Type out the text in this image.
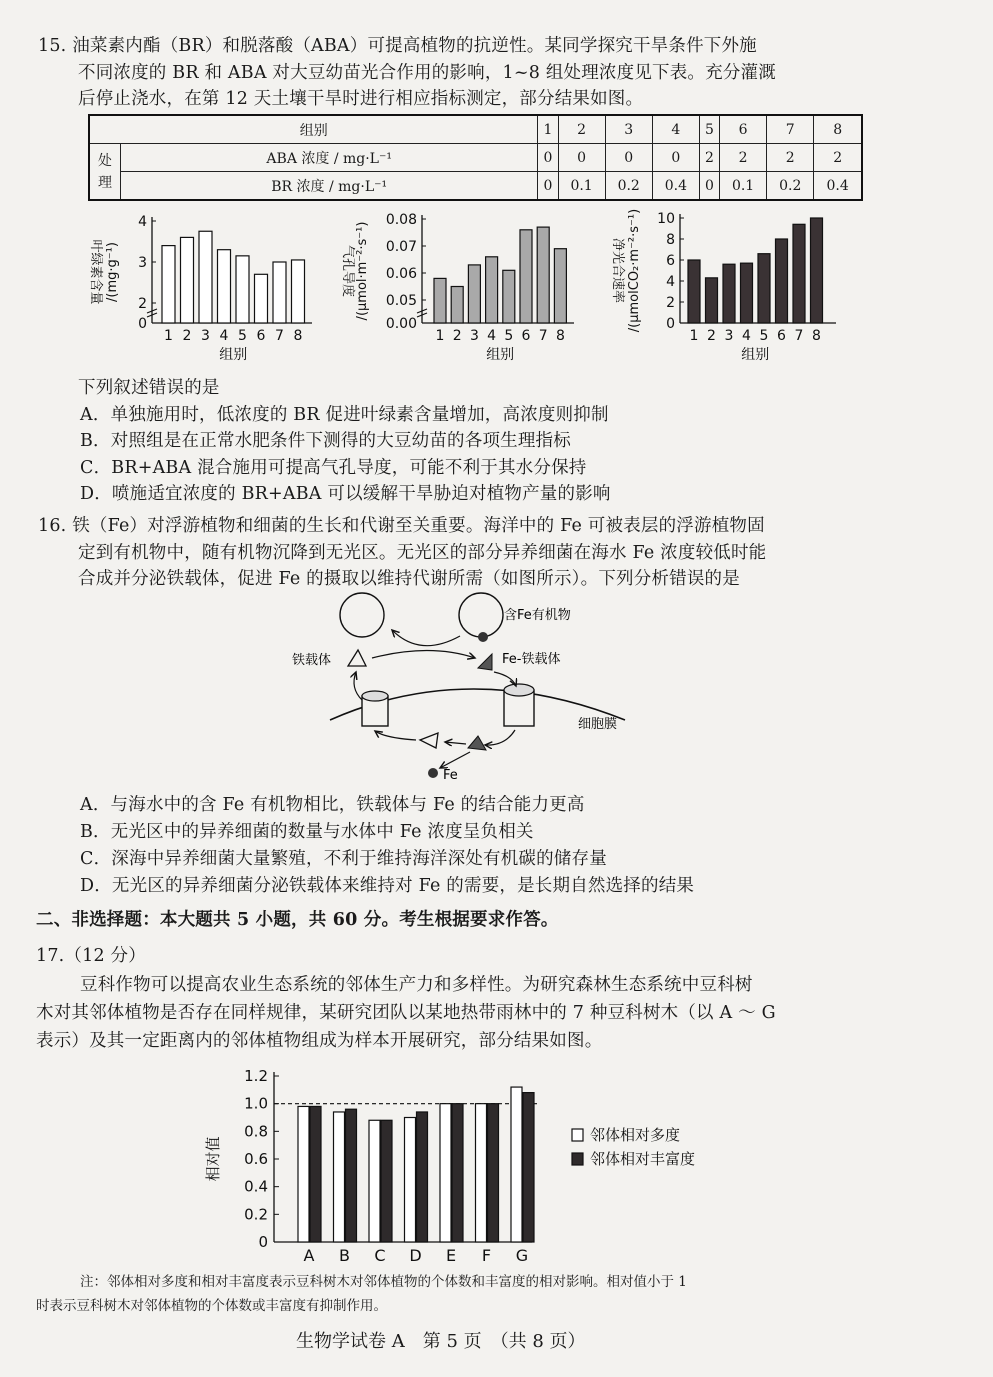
15. 油菜素内酯（BR）和脱落酸（ABA）可提高植物的抗逆性。某同学探究干旱条件下外施
不同浓度的 BR 和 ABA 对大豆幼苗光合作用的影响，1~8 组处理浓度见下表。充分灌溉
后停止浇水，在第 12 天土壤干旱时进行相应指标测定，部分结果如图。
组别		1	2	3	4	5	6	7	8
处
理	ABA 浓度 / mg·L⁻¹	0	0	0	0	2	2	2	2
	BR 浓度 / mg·L⁻¹	0	0.1	0.2	0.4	0	0.1	0.2	0.4
0
2
3
4
1 2 3 4 5 6 7 8
组别
叶绿素含量 /(mg·g⁻¹)
0.00
0.05
0.06
0.07
0.08
1 2 3 4 5 6 7 8
组别
气孔导度 /(μmol·m⁻²·s⁻¹)
0
2
4
6
8
10
1 2 3 4 5 6 7 8
组别
净光合速率 /(μmolCO₂·m⁻²·s⁻¹)
下列叙述错误的是
A．单独施用时，低浓度的 BR 促进叶绿素含量增加，高浓度则抑制
B．对照组是在正常水肥条件下测得的大豆幼苗的各项生理指标
C．BR+ABA 混合施用可提高气孔导度，可能不利于其水分保持
D．喷施适宜浓度的 BR+ABA 可以缓解干旱胁迫对植物产量的影响
16. 铁（Fe）对浮游植物和细菌的生长和代谢至关重要。海洋中的 Fe 可被表层的浮游植物固
定到有机物中，随有机物沉降到无光区。无光区的部分异养细菌在海水 Fe 浓度较低时能
合成并分泌铁载体，促进 Fe 的摄取以维持代谢所需（如图所示）。下列分析错误的是
含Fe有机物
铁载体	Fe-铁载体
细胞膜
Fe
A．与海水中的含 Fe 有机物相比，铁载体与 Fe 的结合能力更高
B．无光区中的异养细菌的数量与水体中 Fe 浓度呈负相关
C．深海中异养细菌大量繁殖，不利于维持海洋深处有机碳的储存量
D．无光区的异养细菌分泌铁载体来维持对 Fe 的需要，是长期自然选择的结果
二、非选择题：本大题共 5 小题，共 60 分。考生根据要求作答。
17.（12 分）
豆科作物可以提高农业生态系统的邻体生产力和多样性。为研究森林生态系统中豆科树
木对其邻体植物是否存在同样规律，某研究团队以某地热带雨林中的 7 种豆科树木（以 A ～ G
表示）及其一定距离内的邻体植物组成为样本开展研究，部分结果如图。
0
0.2
0.4
0.6
0.8
1.0
1.2
A B C D E F G
相对值
邻体相对多度
邻体相对丰富度
注：邻体相对多度和相对丰富度表示豆科树木对邻体植物的个体数和丰富度的相对影响。相对值小于 1
时表示豆科树木对邻体植物的个体数或丰富度有抑制作用。
生物学试卷 A　第 5 页　（共 8 页）
